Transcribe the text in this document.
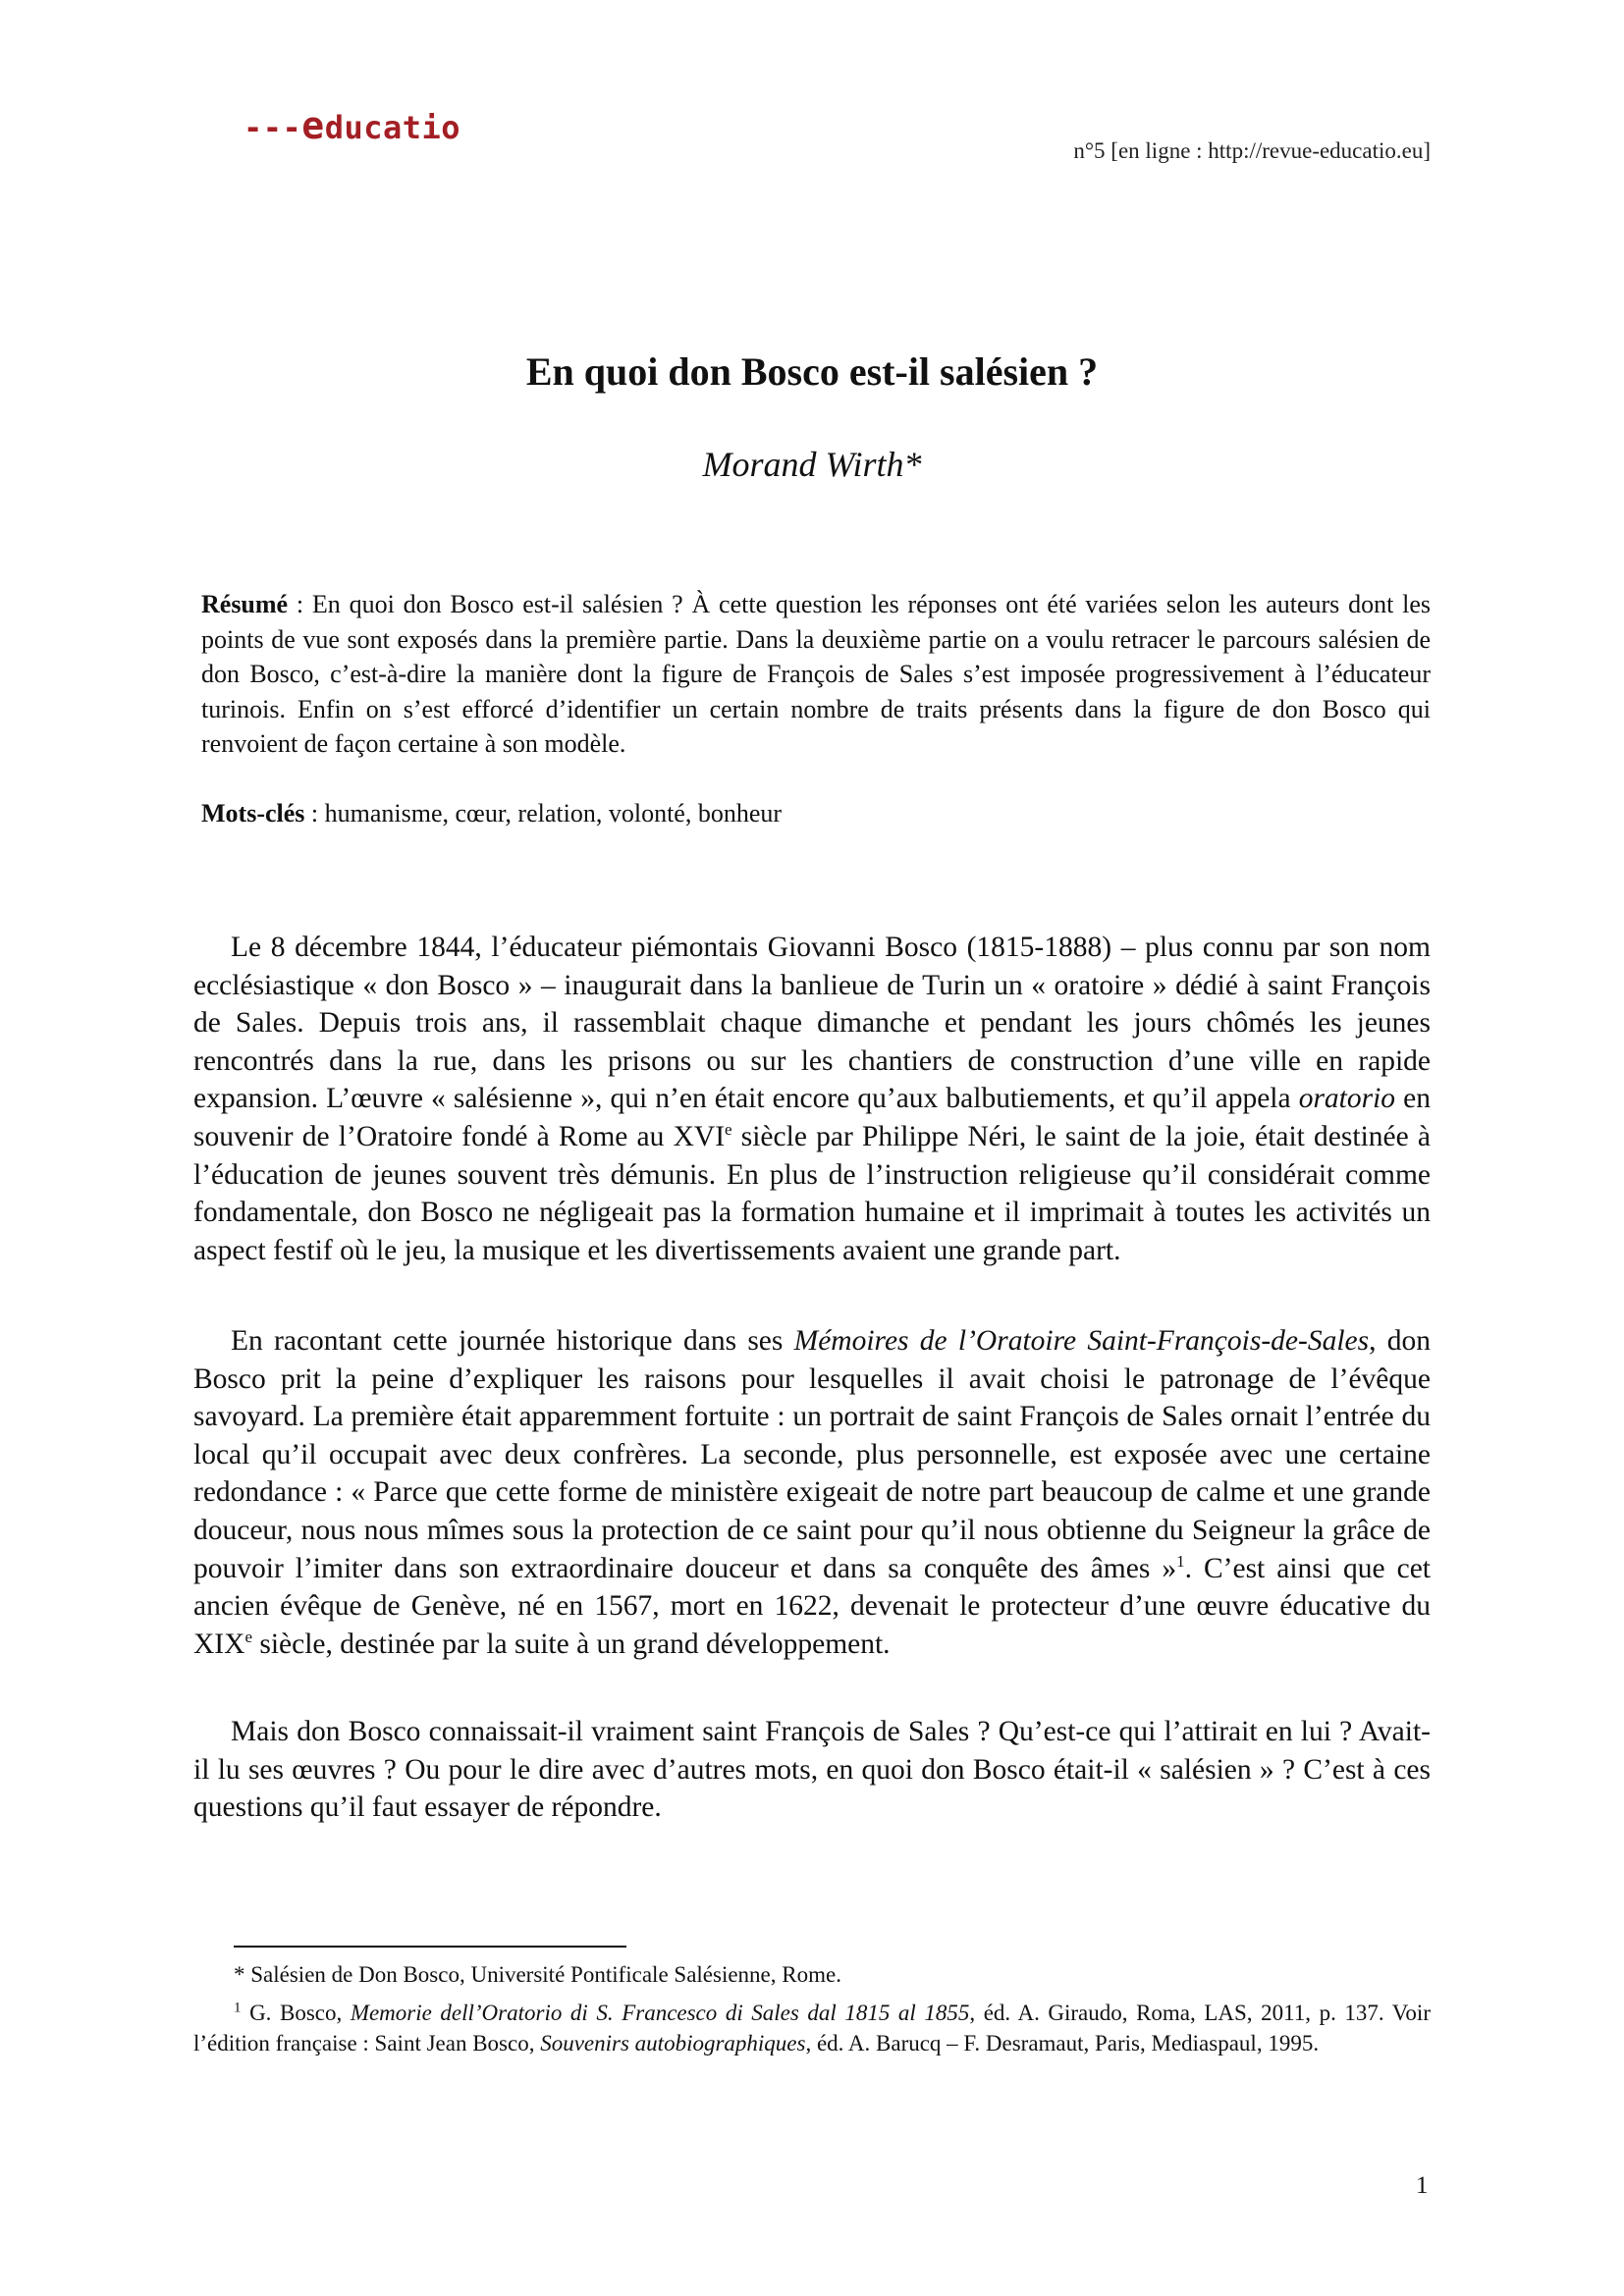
---educatio
n°5 [en ligne : http://revue-educatio.eu]
En quoi don Bosco est-il salésien ?
Morand Wirth*

Résumé : En quoi don Bosco est-il salésien ? À cette question les réponses ont été variées selon les auteurs dont les points de vue sont exposés dans la première partie. Dans la deuxième partie on a voulu retracer le parcours salésien de don Bosco, c’est-à-dire la manière dont la figure de François de Sales s’est imposée progressivement à l’éducateur turinois. Enfin on s’est efforcé d’identifier un certain nombre de traits présents dans la figure de don Bosco qui renvoient de façon certaine à son modèle.

Mots-clés : humanisme, cœur, relation, volonté, bonheur

Le 8 décembre 1844, l’éducateur piémontais Giovanni Bosco (1815-1888) – plus connu par son nom ecclésiastique « don Bosco » – inaugurait dans la banlieue de Turin un « oratoire » dédié à saint François de Sales. Depuis trois ans, il rassemblait chaque dimanche et pendant les jours chômés les jeunes rencontrés dans la rue, dans les prisons ou sur les chantiers de construction d’une ville en rapide expansion. L’œuvre « salésienne », qui n’en était encore qu’aux balbutiements, et qu’il appela oratorio en souvenir de l’Oratoire fondé à Rome au XVIe siècle par Philippe Néri, le saint de la joie, était destinée à l’éducation de jeunes souvent très démunis. En plus de l’instruction religieuse qu’il considérait comme fondamentale, don Bosco ne négligeait pas la formation humaine et il imprimait à toutes les activités un aspect festif où le jeu, la musique et les divertissements avaient une grande part.

En racontant cette journée historique dans ses Mémoires de l’Oratoire Saint-François-de-Sales, don Bosco prit la peine d’expliquer les raisons pour lesquelles il avait choisi le patronage de l’évêque savoyard. La première était apparemment fortuite : un portrait de saint François de Sales ornait l’entrée du local qu’il occupait avec deux confrères. La seconde, plus personnelle, est exposée avec une certaine redondance : « Parce que cette forme de ministère exigeait de notre part beaucoup de calme et une grande douceur, nous nous mîmes sous la protection de ce saint pour qu’il nous obtienne du Seigneur la grâce de pouvoir l’imiter dans son extraordinaire douceur et dans sa conquête des âmes »$^1$. C’est ainsi que cet ancien évêque de Genève, né en 1567, mort en 1622, devenait le protecteur d’une œuvre éducative du XIXe siècle, destinée par la suite à un grand développement.

Mais don Bosco connaissait-il vraiment saint François de Sales ? Qu’est-ce qui l’attirait en lui ? Avait-il lu ses œuvres ? Ou pour le dire avec d’autres mots, en quoi don Bosco était-il « salésien » ? C’est à ces questions qu’il faut essayer de répondre.

* Salésien de Don Bosco, Université Pontificale Salésienne, Rome.

$^1$ G. Bosco, Memorie dell’Oratorio di S. Francesco di Sales dal 1815 al 1855, éd. A. Giraudo, Roma, LAS, 2011, p. 137. Voir l’édition française : Saint Jean Bosco, Souvenirs autobiographiques, éd. A. Barucq – F. Desramaut, Paris, Mediaspaul, 1995.

1
